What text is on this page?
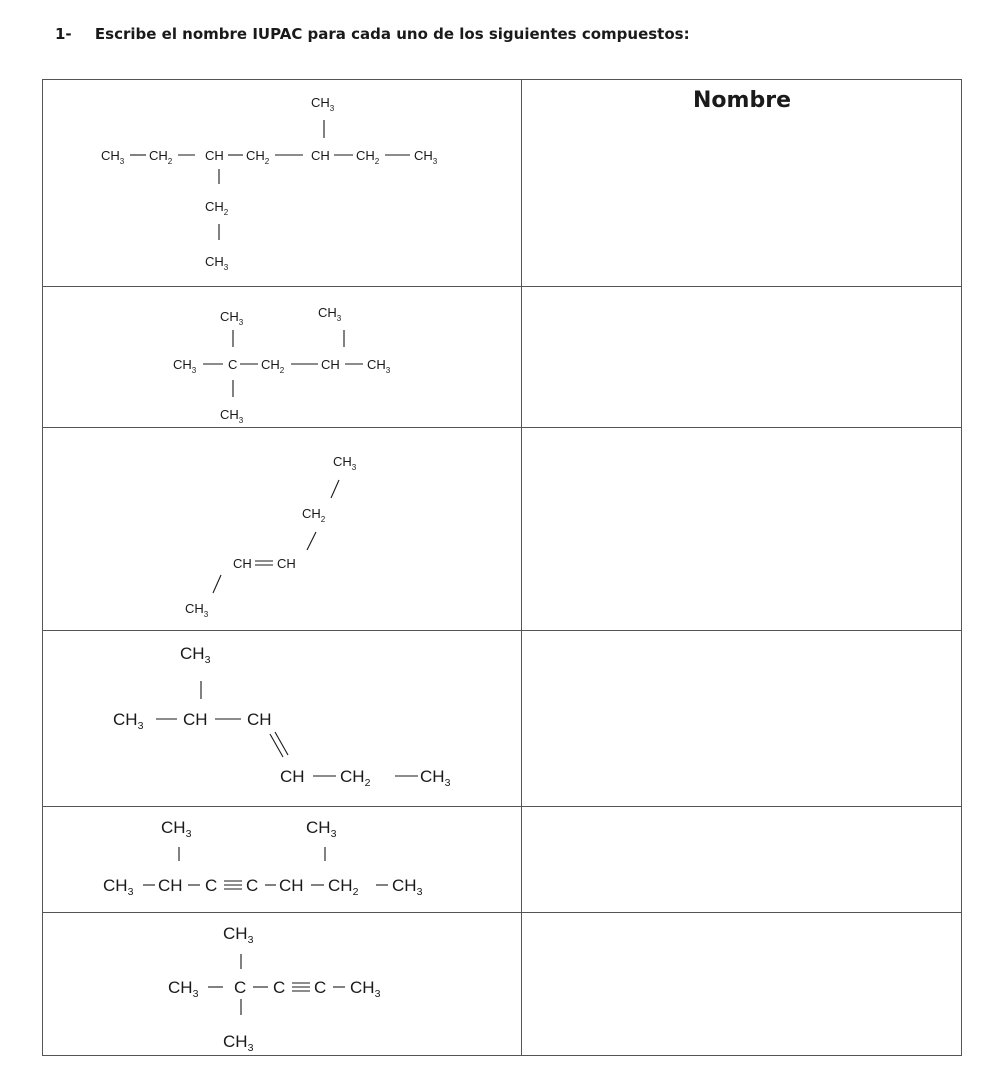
1- Escribe el nombre IUPAC para cada uno de los siguientes compuestos:
$CH_3$
$CH_3$ $CH_2$	CH $CH_2$	CH $CH_2$	$CH_3$
$CH_2$
$CH_3$
Nombre
$CH_3$
$CH_3$
$CH_3$ C $CH_2$	CH $CH_3$
$CH_3$
$CH_3$
$CH_2$
CH CH
$CH_3$
$CH_3$
$CH_3$ CH CH
CH $CH_2$	$CH_3$
$CH_3$	$CH_3$
$CH_3$ CH C C CH $CH_2$ $CH_3$
$CH_3$
$CH_3$ C C C $CH_3$
$CH_3$
